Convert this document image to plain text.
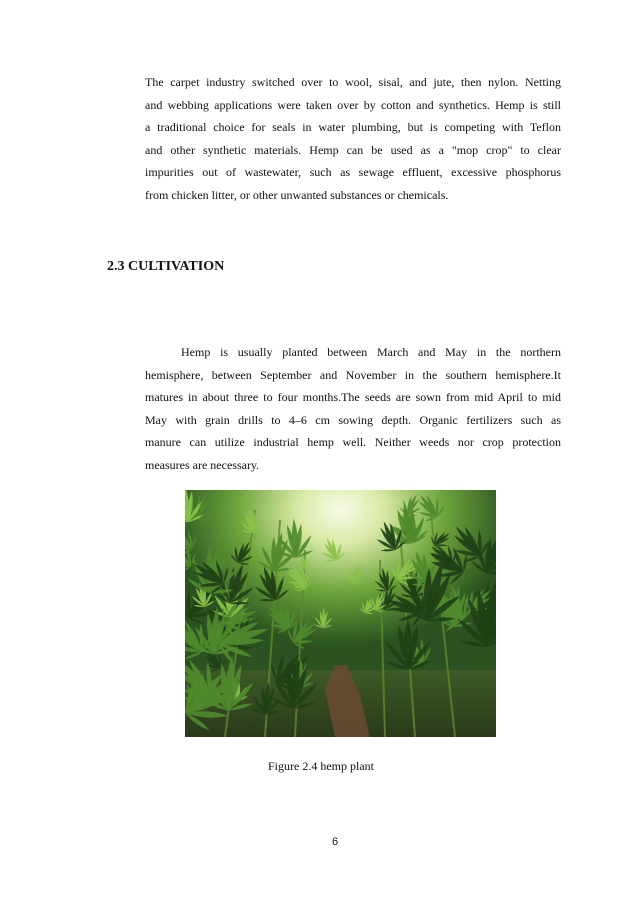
The carpet industry switched over to wool, sisal, and jute, then nylon. Netting
and webbing applications were taken over by cotton and synthetics. Hemp is still
a traditional choice for seals in water plumbing, but is competing with Teflon
and other synthetic materials. Hemp can be used as a "mop crop" to clear
impurities out of wastewater, such as sewage effluent, excessive phosphorus
from chicken litter, or other unwanted substances or chemicals.
2.3 CULTIVATION
Hemp is usually planted between March and May in the northern
hemisphere, between September and November in the southern hemisphere.It
matures in about three to four months.The seeds are sown from mid April to mid
May with grain drills to 4–6 cm sowing depth. Organic fertilizers such as
manure can utilize industrial hemp well. Neither weeds nor crop protection
measures are necessary.

Figure 2.4 hemp plant

6
